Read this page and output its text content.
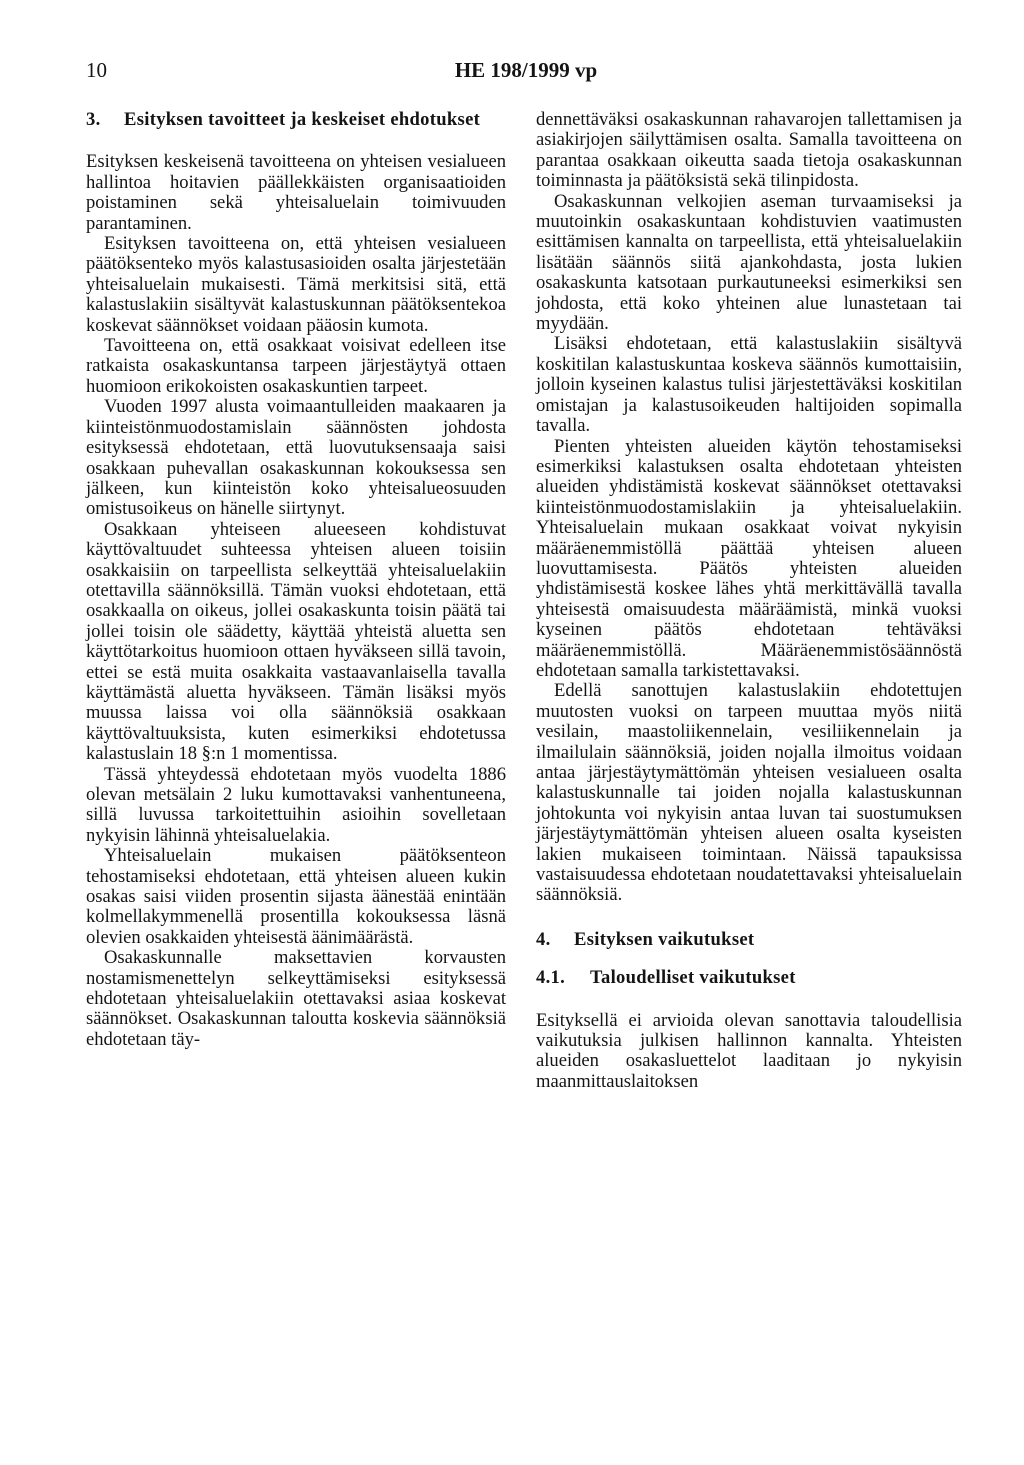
10	HE 198/1999 vp
3.	Esityksen tavoitteet ja keskeiset ehdotukset

Esityksen keskeisenä tavoitteena on yhteisen vesialueen hallintoa hoitavien päällekkäisten organisaatioiden poistaminen sekä yhteisaluelain toimivuuden parantaminen.

Esityksen tavoitteena on, että yhteisen vesialueen päätöksenteko myös kalastusasioiden osalta järjestetään yhteisaluelain mukaisesti. Tämä merkitsisi sitä, että kalastuslakiin sisältyvät kalastuskunnan päätöksentekoa koskevat säännökset voidaan pääosin kumota.

Tavoitteena on, että osakkaat voisivat edelleen itse ratkaista osakaskuntansa tarpeen järjestäytyä ottaen huomioon erikokoisten osakaskuntien tarpeet.

Vuoden 1997 alusta voimaantulleiden maakaaren ja kiinteistönmuodostamislain säännösten johdosta esityksessä ehdotetaan, että luovutuksensaaja saisi osakkaan puhevallan osakaskunnan kokouksessa sen jälkeen, kun kiinteistön koko yhteisalueosuuden omistusoikeus on hänelle siirtynyt.

Osakkaan yhteiseen alueeseen kohdistuvat käyttövaltuudet suhteessa yhteisen alueen toisiin osakkaisiin on tarpeellista selkeyttää yhteisaluelakiin otettavilla säännöksillä. Tämän vuoksi ehdotetaan, että osakkaalla on oikeus, jollei osakaskunta toisin päätä tai jollei toisin ole säädetty, käyttää yhteistä aluetta sen käyttötarkoitus huomioon ottaen hyväkseen sillä tavoin, ettei se estä muita osakkaita vastaavanlaisella tavalla käyttämästä aluetta hyväkseen. Tämän lisäksi myös muussa laissa voi olla säännöksiä osakkaan käyttövaltuuksista, kuten esimerkiksi ehdotetussa kalastuslain 18 §:n 1 momentissa.

Tässä yhteydessä ehdotetaan myös vuodelta 1886 olevan metsälain 2 luku kumottavaksi vanhentuneena, sillä luvussa tarkoitettuihin asioihin sovelletaan nykyisin lähinnä yhteisaluelakia.

Yhteisaluelain mukaisen päätöksenteon tehostamiseksi ehdotetaan, että yhteisen alueen kukin osakas saisi viiden prosentin sijasta äänestää enintään kolmellakymmenellä prosentilla kokouksessa läsnä olevien osakkaiden yhteisestä äänimäärästä.

Osakaskunnalle maksettavien korvausten nostamismenettelyn selkeyttämiseksi esityksessä ehdotetaan yhteisaluelakiin otettavaksi asiaa koskevat säännökset. Osakaskunnan taloutta koskevia säännöksiä ehdotetaan täy-

dennettäväksi osakaskunnan rahavarojen tallettamisen ja asiakirjojen säilyttämisen osalta. Samalla tavoitteena on parantaa osakkaan oikeutta saada tietoja osakaskunnan toiminnasta ja päätöksistä sekä tilinpidosta.

Osakaskunnan velkojien aseman turvaamiseksi ja muutoinkin osakaskuntaan kohdistuvien vaatimusten esittämisen kannalta on tarpeellista, että yhteisaluelakiin lisätään säännös siitä ajankohdasta, josta lukien osakaskunta katsotaan purkautuneeksi esimerkiksi sen johdosta, että koko yhteinen alue lunastetaan tai myydään.

Lisäksi ehdotetaan, että kalastuslakiin sisältyvä koskitilan kalastuskuntaa koskeva säännös kumottaisiin, jolloin kyseinen kalastus tulisi järjestettäväksi koskitilan omistajan ja kalastusoikeuden haltijoiden sopimalla tavalla.

Pienten yhteisten alueiden käytön tehostamiseksi esimerkiksi kalastuksen osalta ehdotetaan yhteisten alueiden yhdistämistä koskevat säännökset otettavaksi kiinteistönmuodostamislakiin ja yhteisaluelakiin. Yhteisaluelain mukaan osakkaat voivat nykyisin määräenemmistöllä päättää yhteisen alueen luovuttamisesta. Päätös yhteisten alueiden yhdistämisestä koskee lähes yhtä merkittävällä tavalla yhteisestä omaisuudesta määräämistä, minkä vuoksi kyseinen päätös ehdotetaan tehtäväksi määräenemmistöllä. Määräenemmistösäännöstä ehdotetaan samalla tarkistettavaksi.

Edellä sanottujen kalastuslakiin ehdotettujen muutosten vuoksi on tarpeen muuttaa myös niitä vesilain, maastoliikennelain, vesiliikennelain ja ilmailulain säännöksiä, joiden nojalla ilmoitus voidaan antaa järjestäytymättömän yhteisen vesialueen osalta kalastuskunnalle tai joiden nojalla kalastuskunnan johtokunta voi nykyisin antaa luvan tai suostumuksen järjestäytymättömän yhteisen alueen osalta kyseisten lakien mukaiseen toimintaan. Näissä tapauksissa vastaisuudessa ehdotetaan noudatettavaksi yhteisaluelain säännöksiä.

4.	Esityksen vaikutukset
4.1.	Taloudelliset vaikutukset

Esityksellä ei arvioida olevan sanottavia taloudellisia vaikutuksia julkisen hallinnon kannalta. Yhteisten alueiden osakasluettelot laaditaan jo nykyisin maanmittauslaitoksen
